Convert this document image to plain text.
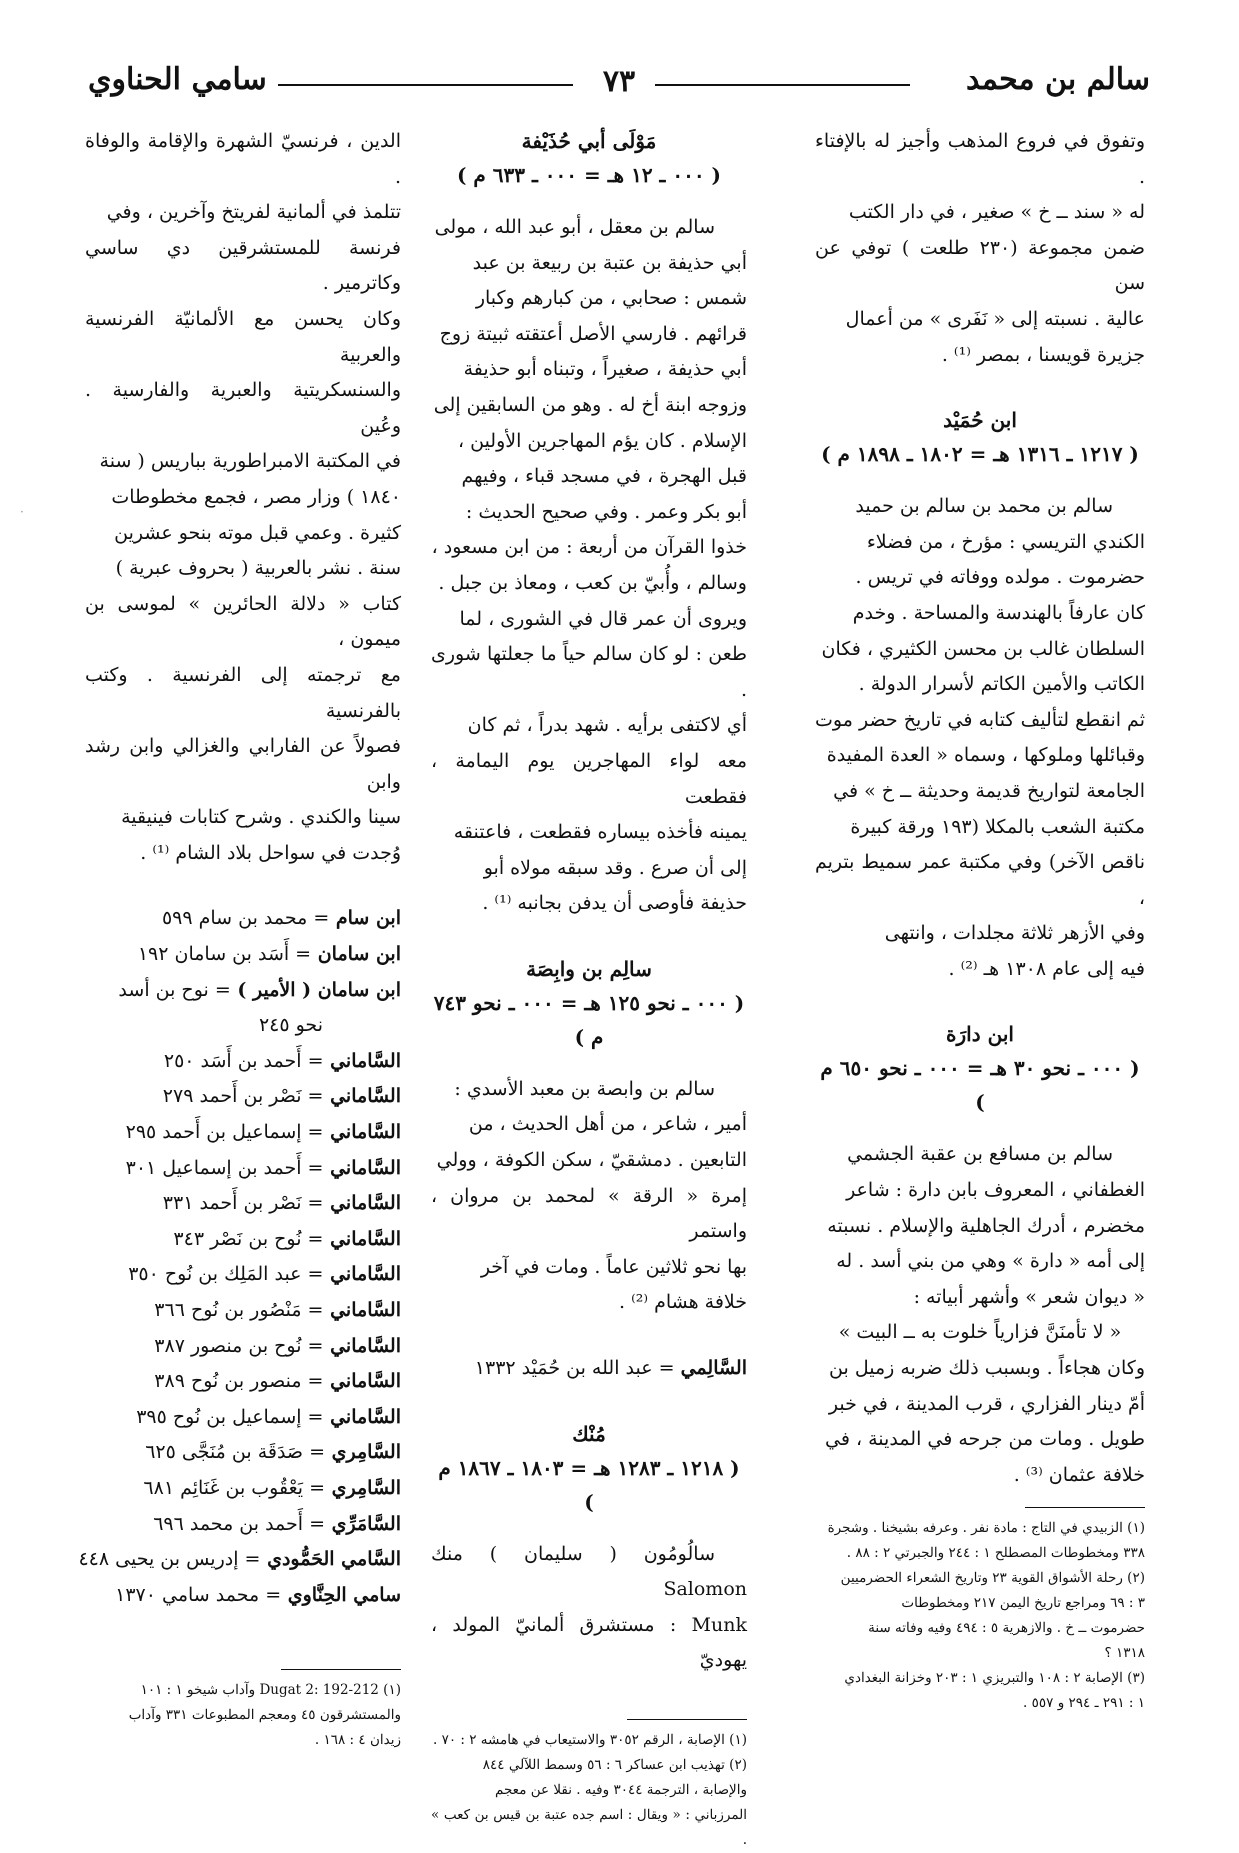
سالم بن محمد
٧٣
سامي الحناوي

وتفوق في فروع المذهب وأجيز له بالإفتاء .

له « سند ــ خ » صغير ، في دار الكتب

ضمن مجموعة (٢٣٠ طلعت ) توفي عن سن

عالية . نسبته إلى « نَفَرى » من أعمال

جزيرة قويسنا ، بمصر ⁽¹⁾ .

ابن حُمَيْد
( ١٢١٧ ـ ١٣١٦ هـ = ١٨٠٢ ـ ١٨٩٨ م )

سالم بن محمد بن سالم بن حميد

الكندي التريسي : مؤرخ ، من فضلاء

حضرموت . مولده ووفاته في تريس .

كان عارفاً بالهندسة والمساحة . وخدم

السلطان غالب بن محسن الكثيري ، فكان

الكاتب والأمين الكاتم لأسرار الدولة .

ثم انقطع لتأليف كتابه في تاريخ حضر موت

وقبائلها وملوكها ، وسماه « العدة المفيدة

الجامعة لتواريخ قديمة وحديثة ــ خ » في

مكتبة الشعب بالمكلا (١٩٣ ورقة كبيرة

ناقص الآخر) وفي مكتبة عمر سميط بتريم ،

وفي الأزهر ثلاثة مجلدات ، وانتهى

فيه إلى عام ١٣٠٨ هـ ⁽²⁾ .

ابن دارَة
( ٠٠٠ ـ نحو ٣٠ هـ = ٠٠٠ ـ نحو ٦٥٠ م )

سالم بن مسافع بن عقبة الجشمي

الغطفاني ، المعروف بابن دارة : شاعر

مخضرم ، أدرك الجاهلية والإسلام . نسبته

إلى أمه « دارة » وهي من بني أسد . له

« ديوان شعر » وأشهر أبياته :

« لا تأمنَنَّ فزارياً خلوت به ــ البيت »

وكان هجاءاً . وبسبب ذلك ضربه زميل بن

أمّ دينار الفزاري ، قرب المدينة ، في خبر

طويل . ومات من جرحه في المدينة ، في

خلافة عثمان ⁽³⁾ .

(١) الزبيدي في التاج : مادة نفر . وعرفه بشيخنا . وشجرة

٣٣٨ ومخطوطات المصطلح ١ : ٢٤٤ والجبرتي ٢ : ٨٨ .

(٢) رحلة الأشواق القوية ٢٣ وتاريخ الشعراء الحضرميين

٣ : ٦٩ ومراجع تاريخ اليمن ٢١٧ ومخطوطات

حضرموت ــ خ . والازهرية ٥ : ٤٩٤ وفيه وفاته سنة

١٣١٨ ؟

(٣) الإصابة ٢ : ١٠٨ والتبريزي ١ : ٢٠٣ وخزانة البغدادي

١ : ٢٩١ ـ ٢٩٤ و ٥٥٧ .

مَوْلَى أبي حُذَيْفة
( ٠٠٠ ـ ١٢ هـ = ٠٠٠ ـ ٦٣٣ م )

سالم بن معقل ، أبو عبد الله ، مولى

أبي حذيفة بن عتبة بن ربيعة بن عبد

شمس : صحابي ، من كبارهم وكبار

قرائهم . فارسي الأصل أعتقته ثبيتة زوج

أبي حذيفة ، صغيراً ، وتبناه أبو حذيفة

وزوجه ابنة أخ له . وهو من السابقين إلى

الإسلام . كان يؤم المهاجرين الأولين ،

قبل الهجرة ، في مسجد قباء ، وفيهم

أبو بكر وعمر . وفي صحيح الحديث :

خذوا القرآن من أربعة : من ابن مسعود ،

وسالم ، وأُبيّ بن كعب ، ومعاذ بن جبل .

ويروى أن عمر قال في الشورى ، لما

طعن : لو كان سالم حياً ما جعلتها شورى .

أي لاكتفى برأيه . شهد بدراً ، ثم كان

معه لواء المهاجرين يوم اليمامة ، فقطعت

يمينه فأخذه بيساره فقطعت ، فاعتنقه

إلى أن صرع . وقد سبقه مولاه أبو

حذيفة فأوصى أن يدفن بجانبه ⁽¹⁾ .

سالِم بن وابِصَة
( ٠٠٠ ـ نحو ١٢٥ هـ = ٠٠٠ ـ نحو ٧٤٣ م )

سالم بن وابصة بن معبد الأسدي :

أمير ، شاعر ، من أهل الحديث ، من

التابعين . دمشقيّ ، سكن الكوفة ، وولي

إمرة « الرقة » لمحمد بن مروان ، واستمر

بها نحو ثلاثين عاماً . ومات في آخر

خلافة هشام ⁽²⁾ .

السَّالِمي = عبد الله بن حُمَيْد ١٣٣٢
مُنْك
( ١٢١٨ ـ ١٢٨٣ هـ = ١٨٠٣ ـ ١٨٦٧ م )

سالُومُون ( سليمان ) منك Salomon

Munk : مستشرق ألمانيّ المولد ، يهوديّ

(١) الإصابة ، الرقم ٣٠٥٢ والاستيعاب في هامشه ٢ : ٧٠ .

(٢) تهذيب ابن عساكر ٦ : ٥٦ وسمط اللآلي ٨٤٤

والإصابة ، الترجمة ٣٠٤٤ وفيه . نقلا عن معجم

المرزباني : « ويقال : اسم جده عتبة بن قيس بن كعب » .

الدين ، فرنسيّ الشهرة والإقامة والوفاة .

تتلمذ في ألمانية لفريتخ وآخرين ، وفي

فرنسة للمستشرقين دي ساسي وكاترمير .

وكان يحسن مع الألمانيّة الفرنسية والعربية

والسنسكريتية والعبرية والفارسية . وعُين

في المكتبة الامبراطورية بباريس ( سنة

١٨٤٠ ) وزار مصر ، فجمع مخطوطات

كثيرة . وعمي قبل موته بنحو عشرين

سنة . نشر بالعربية ( بحروف عبرية )

كتاب « دلالة الحائرين » لموسى بن ميمون ،

مع ترجمته إلى الفرنسية . وكتب بالفرنسية

فصولاً عن الفارابي والغزالي وابن رشد وابن

سينا والكندي . وشرح كتابات فينيقية

وُجدت في سواحل بلاد الشام ⁽¹⁾ .

ابن سام = محمد بن سام ٥٩٩
ابن سامان = أَسَد بن سامان ١٩٢
ابن سامان ( الأمير ) = نوح بن أسد
نحو ٢٤٥
السَّاماني = أَحمد بن أَسَد ٢٥٠
السَّاماني = نَصْر بن أَحمد ٢٧٩
السَّاماني = إسماعيل بن أَحمد ٢٩٥
السَّاماني = أَحمد بن إسماعيل ٣٠١
السَّاماني = نَصْر بن أَحمد ٣٣١
السَّاماني = نُوح بن نَصْر ٣٤٣
السَّاماني = عبد المَلِك بن نُوح ٣٥٠
السَّاماني = مَنْصُور بن نُوح ٣٦٦
السَّاماني = نُوح بن منصور ٣٨٧
السَّاماني = منصور بن نُوح ٣٨٩
السَّاماني = إسماعيل بن نُوح ٣٩٥
السَّامِري = صَدَقَة بن مُنَجَّى ٦٢٥
السَّامِري = يَعْقُوب بن غَنَائِم ٦٨١
السَّامَرِّي = أَحمد بن محمد ٦٩٦
السَّامي الحَمُّودي = إدريس بن يحيى ٤٤٨
سامي الحِنَّاوي = محمد سامي ١٣٧٠

(١) Dugat 2: 192-212 وآداب شيخو ١ : ١٠١

والمستشرقون ٤٥ ومعجم المطبوعات ٣٣١ وآداب

زيدان ٤ : ١٦٨ .

·
